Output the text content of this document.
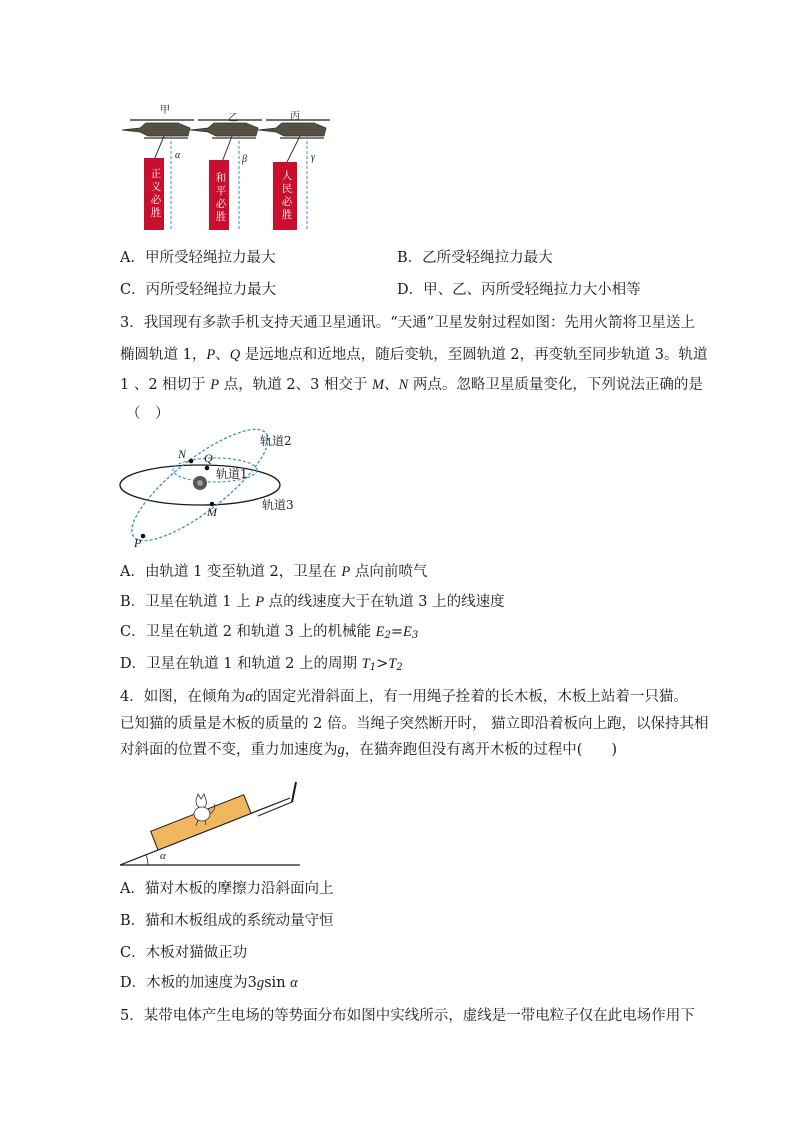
甲
乙	丙
α	β	γ
正义必胜
和平必胜
人民必胜
A．甲所受轻绳拉力最大	B．乙所受轻绳拉力最大
C．丙所受轻绳拉力最大	D．甲、乙、丙所受轻绳拉力大小相等
3．我国现有多款手机支持天通卫星通讯。“天通”卫星发射过程如图：先用火箭将卫星送上
椭圆轨道 1，P、Q 是远地点和近地点，随后变轨，至圆轨道 2，再变轨至同步轨道 3。轨道
1 、2 相切于 P 点，轨道 2、3 相交于 M、N 两点。忽略卫星质量变化，下列说法正确的是
（　）
轨道2
轨道1
轨道3
N Q
M
P
A．由轨道 1 变至轨道 2，卫星在 P 点向前喷气
B．卫星在轨道 1 上 P 点的线速度大于在轨道 3 上的线速度
C．卫星在轨道 2 和轨道 3 上的机械能 $E_2=E_3$
D．卫星在轨道 1 和轨道 2 上的周期 $T_1>T_2$
4．如图，在倾角为α的固定光滑斜面上，有一用绳子拴着的长木板，木板上站着一只猫。
已知猫的质量是木板的质量的 2 倍。当绳子突然断开时， 猫立即沿着板向上跑，以保持其相
对斜面的位置不变，重力加速度为g，在猫奔跑但没有离开木板的过程中(　　)
α
A．猫对木板的摩擦力沿斜面向上
B．猫和木板组成的系统动量守恒
C．木板对猫做正功
D．木板的加速度为3gsin α
5．某带电体产生电场的等势面分布如图中实线所示，虚线是一带电粒子仅在此电场作用下
